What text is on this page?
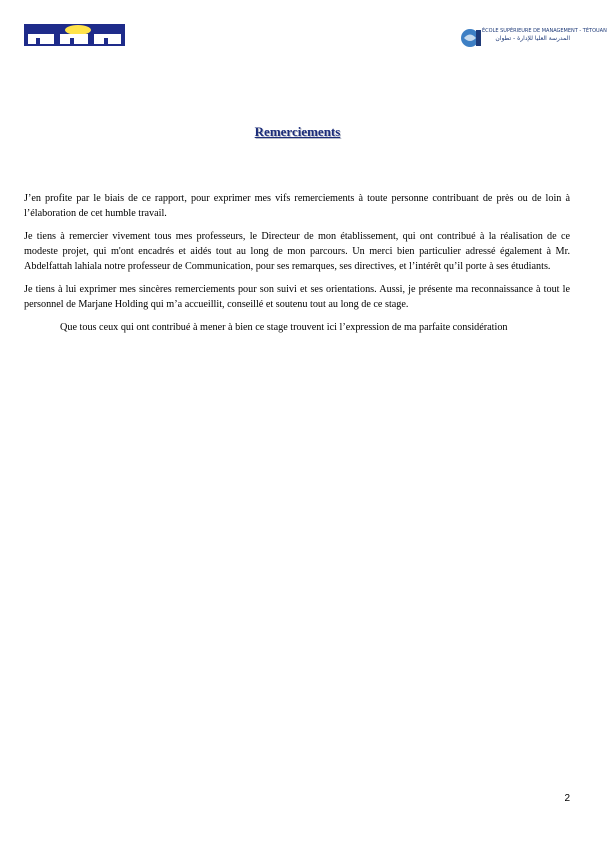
ÉCOLE SUPÉRIEURE DE MANAGEMENT - TÉTOUAN
المدرسة العليا للإدارة - تطوان
Remerciements

J’en profite par le biais de ce rapport, pour exprimer mes vifs remerciements à toute personne contribuant de près ou de loin à l’élaboration de cet humble travail.

Je tiens à remercier vivement tous mes professeurs, le Directeur de mon établissement, qui ont contribué à la réalisation de ce modeste projet, qui m'ont encadrés et aidés tout au long de mon parcours. Un merci bien particulier adressé également à Mr. Abdelfattah lahiala notre professeur de Communication, pour ses remarques, ses directives, et l’intérêt qu’il porte à ses étudiants.

Je tiens à lui exprimer mes sincères remerciements pour son suivi et ses orientations. Aussi, je présente ma reconnaissance à tout le personnel de Marjane Holding qui m’a accueillit, conseillé et soutenu tout au long de ce stage.

Que tous ceux qui ont contribué à mener à bien ce stage trouvent ici l’expression de ma parfaite considération

2
